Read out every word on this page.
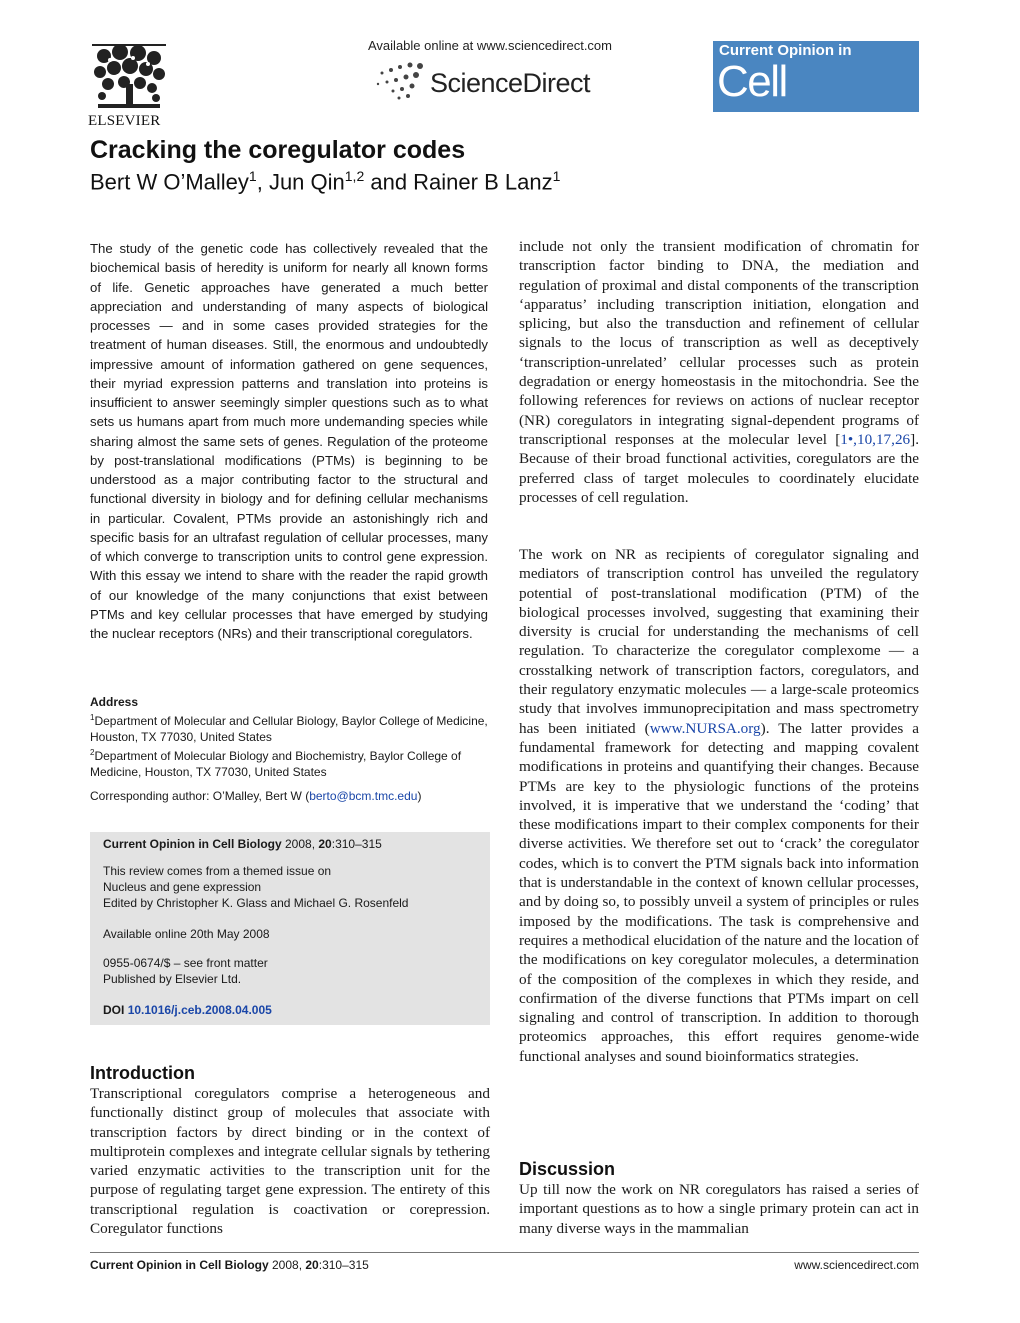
ELSEVIER
Available online at www.sciencedirect.com
ScienceDirect
Current Opinion in
Cell Biology
Cracking the coregulator codes
Bert W O’Malley$^1$, Jun Qin$^{1,2}$ and Rainer B Lanz$^1$
The study of the genetic code has collectively revealed that the biochemical basis of heredity is uniform for nearly all known forms of life. Genetic approaches have generated a much better appreciation and understanding of many aspects of biological processes — and in some cases provided strategies for the treatment of human diseases. Still, the enormous and undoubtedly impressive amount of information gathered on gene sequences, their myriad expression patterns and translation into proteins is insufficient to answer seemingly simpler questions such as to what sets us humans apart from much more undemanding species while sharing almost the same sets of genes. Regulation of the proteome by post-translational modifications (PTMs) is beginning to be understood as a major contributing factor to the structural and functional diversity in biology and for defining cellular mechanisms in particular. Covalent, PTMs provide an astonishingly rich and specific basis for an ultrafast regulation of cellular processes, many of which converge to transcription units to control gene expression. With this essay we intend to share with the reader the rapid growth of our knowledge of the many conjunctions that exist between PTMs and key cellular processes that have emerged by studying the nuclear receptors (NRs) and their transcriptional coregulators.
Address
$^1$Department of Molecular and Cellular Biology, Baylor College of Medicine, Houston, TX 77030, United States
$^2$Department of Molecular Biology and Biochemistry, Baylor College of Medicine, Houston, TX 77030, United States
Corresponding author: O’Malley, Bert W (berto@bcm.tmc.edu)
Current Opinion in Cell Biology 2008, 20:310–315
This review comes from a themed issue on
Nucleus and gene expression
Edited by Christopher K. Glass and Michael G. Rosenfeld
Available online 20th May 2008
0955-0674/$ – see front matter
Published by Elsevier Ltd.
DOI 10.1016/j.ceb.2008.04.005
Introduction
Transcriptional coregulators comprise a heterogeneous and functionally distinct group of molecules that associate with transcription factors by direct binding or in the context of multiprotein complexes and integrate cellular signals by tethering varied enzymatic activities to the transcription unit for the purpose of regulating target gene expression. The entirety of this transcriptional regulation is coactivation or corepression. Coregulator functions
include not only the transient modification of chromatin for transcription factor binding to DNA, the mediation and regulation of proximal and distal components of the transcription ‘apparatus’ including transcription initiation, elongation and splicing, but also the transduction and refinement of cellular signals to the locus of transcription as well as deceptively ‘transcription-unrelated’ cellular processes such as protein degradation or energy homeostasis in the mitochondria. See the following references for reviews on actions of nuclear receptor (NR) coregulators in integrating signal-dependent programs of transcriptional responses at the molecular level [1•,10,17,26]. Because of their broad functional activities, coregulators are the preferred class of target molecules to coordinately elucidate processes of cell regulation.
The work on NR as recipients of coregulator signaling and mediators of transcription control has unveiled the regulatory potential of post-translational modification (PTM) of the biological processes involved, suggesting that examining their diversity is crucial for understanding the mechanisms of cell regulation. To characterize the coregulator complexome — a crosstalking network of transcription factors, coregulators, and their regulatory enzymatic molecules — a large-scale proteomics study that involves immunoprecipitation and mass spectrometry has been initiated (www.NURSA.org). The latter provides a fundamental framework for detecting and mapping covalent modifications in proteins and quantifying their changes. Because PTMs are key to the physiologic functions of the proteins involved, it is imperative that we understand the ‘coding’ that these modifications impart to their complex components for their diverse activities. We therefore set out to ‘crack’ the coregulator codes, which is to convert the PTM signals back into information that is understandable in the context of known cellular processes, and by doing so, to possibly unveil a system of principles or rules imposed by the modifications. The task is comprehensive and requires a methodical elucidation of the nature and the location of the modifications on key coregulator molecules, a determination of the composition of the complexes in which they reside, and confirmation of the diverse functions that PTMs impart on cell signaling and control of transcription. In addition to thorough proteomics approaches, this effort requires genome-wide functional analyses and sound bioinformatics strategies.
Discussion
Up till now the work on NR coregulators has raised a series of important questions as to how a single primary protein can act in many diverse ways in the mammalian
Current Opinion in Cell Biology 2008, 20:310–315	www.sciencedirect.com
